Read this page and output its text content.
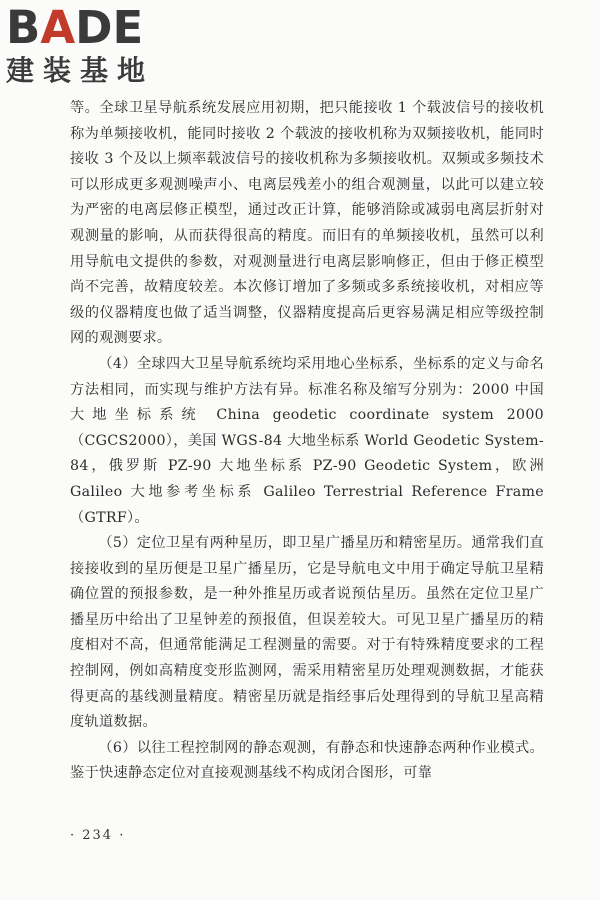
BADE
建装基地

等。全球卫星导航系统发展应用初期，把只能接收 1 个载波信号的接收机称为单频接收机，能同时接收 2 个载波的接收机称为双频接收机，能同时接收 3 个及以上频率载波信号的接收机称为多频接收机。双频或多频技术可以形成更多观测噪声小、电离层残差小的组合观测量，以此可以建立较为严密的电离层修正模型，通过改正计算，能够消除或减弱电离层折射对观测量的影响，从而获得很高的精度。而旧有的单频接收机，虽然可以利用导航电文提供的参数，对观测量进行电离层影响修正，但由于修正模型尚不完善，故精度较差。本次修订增加了多频或多系统接收机，对相应等级的仪器精度也做了适当调整，仪器精度提高后更容易满足相应等级控制网的观测要求。

（4）全球四大卫星导航系统均采用地心坐标系，坐标系的定义与命名方法相同，而实现与维护方法有异。标准名称及缩写分别为：2000 中国大地坐标系统 China geodetic coordinate system 2000（CGCS2000），美国 WGS-84 大地坐标系 World Geodetic System-84，俄罗斯 PZ-90 大地坐标系 PZ-90 Geodetic System，欧洲 Galileo 大地参考坐标系 Galileo Terrestrial Reference Frame（GTRF）。

（5）定位卫星有两种星历，即卫星广播星历和精密星历。通常我们直接接收到的星历便是卫星广播星历，它是导航电文中用于确定导航卫星精确位置的预报参数，是一种外推星历或者说预估星历。虽然在定位卫星广播星历中给出了卫星钟差的预报值，但误差较大。可见卫星广播星历的精度相对不高，但通常能满足工程测量的需要。对于有特殊精度要求的工程控制网，例如高精度变形监测网，需采用精密星历处理观测数据，才能获得更高的基线测量精度。精密星历就是指经事后处理得到的导航卫星高精度轨道数据。

（6）以往工程控制网的静态观测，有静态和快速静态两种作业模式。鉴于快速静态定位对直接观测基线不构成闭合图形，可靠

· 234 ·
